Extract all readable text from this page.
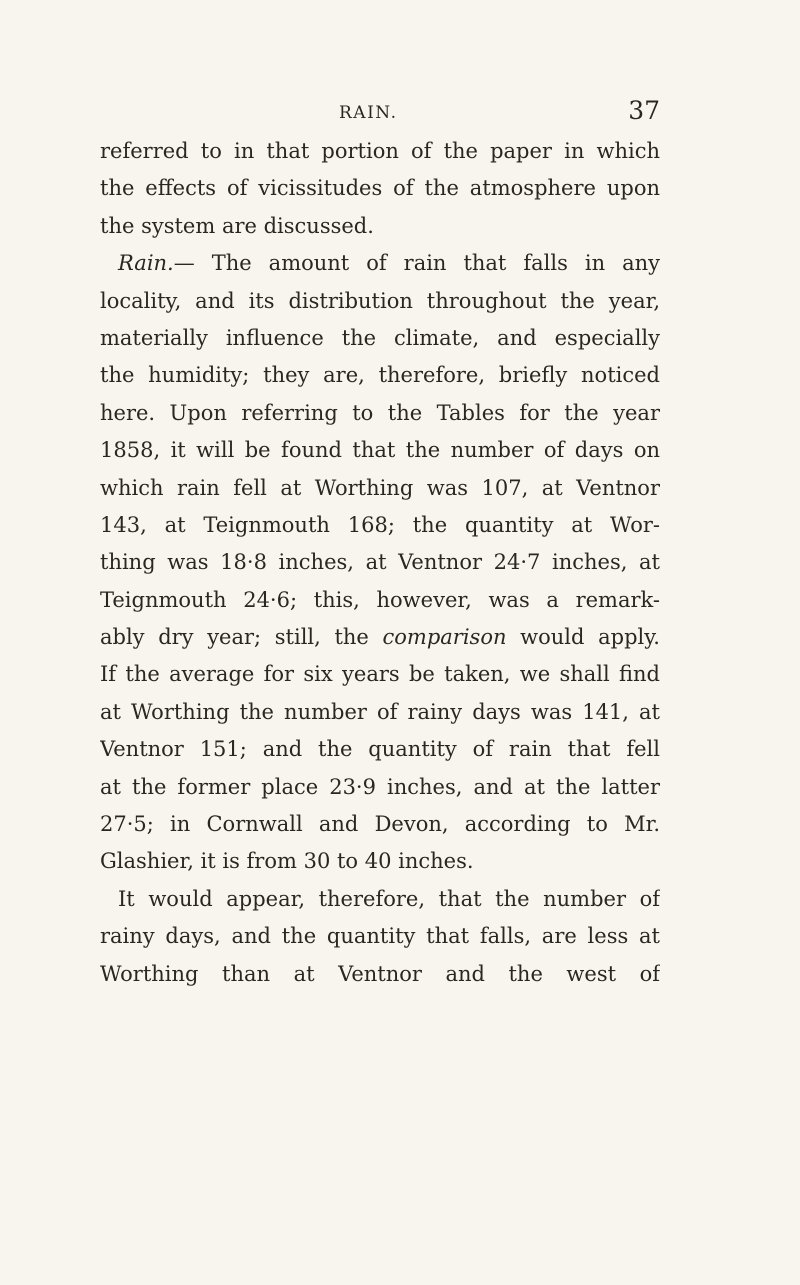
RAIN.	37
referred to in that portion of the paper in which
the effects of vicissitudes of the atmosphere upon
the system are discussed.
Rain.— The amount of rain that falls in any
locality, and its distribution throughout the year,
materially influence the climate, and especially
the humidity; they are, therefore, briefly noticed
here. Upon referring to the Tables for the year
1858, it will be found that the number of days on
which rain fell at Worthing was 107, at Ventnor
143, at Teignmouth 168; the quantity at Wor-
thing was 18·8 inches, at Ventnor 24·7 inches, at
Teignmouth 24·6; this, however, was a remark-
ably dry year; still, the comparison would apply.
If the average for six years be taken, we shall find
at Worthing the number of rainy days was 141, at
Ventnor 151; and the quantity of rain that fell
at the former place 23·9 inches, and at the latter
27·5; in Cornwall and Devon, according to Mr.
Glashier, it is from 30 to 40 inches.
It would appear, therefore, that the number of
rainy days, and the quantity that falls, are less at
Worthing than at Ventnor and the west of
